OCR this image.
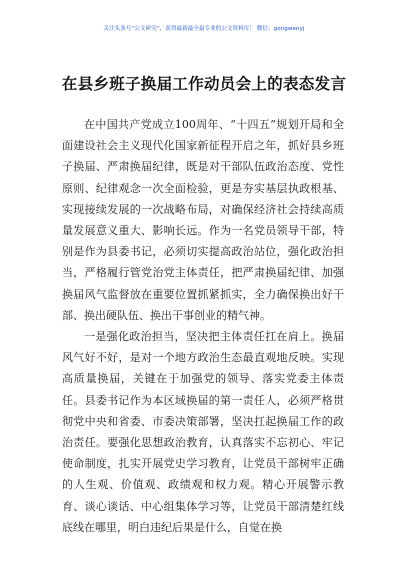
关注头条号“公文研究”，获得最新最全最专业的公文资料库！ 微信：gongwenyj
在县乡班子换届工作动员会上的表态发言

在中国共产党成立100周年、“十四五”规划开局和全面建设社会主义现代化国家新征程开启之年，抓好县乡班子换届、严肃换届纪律，既是对干部队伍政治态度、党性原则、纪律观念一次全面检验，更是夯实基层执政根基、实现接续发展的一次战略布局，对确保经济社会持续高质量发展意义重大、影响长远。作为一名党员领导干部，特别是作为县委书记，必须切实提高政治站位，强化政治担当，严格履行管党治党主体责任，把严肃换届纪律、加强换届风气监督放在重要位置抓紧抓实，全力确保换出好干部、换出硬队伍、换出干事创业的精气神。

一是强化政治担当，坚决把主体责任扛在肩上。换届风气好不好，是对一个地方政治生态最直观地反映。实现高质量换届，关键在于加强党的领导、落实党委主体责任。县委书记作为本区域换届的第一责任人，必须严格贯彻党中央和省委、市委决策部署，坚决扛起换届工作的政治责任。要强化思想政治教育，认真落实不忘初心、牢记使命制度，扎实开展党史学习教育，让党员干部树牢正确的人生观、价值观、政绩观和权力观。精心开展警示教育、谈心谈话、中心组集体学习等，让党员干部清楚红线底线在哪里，明白违纪后果是什么，自觉在换
